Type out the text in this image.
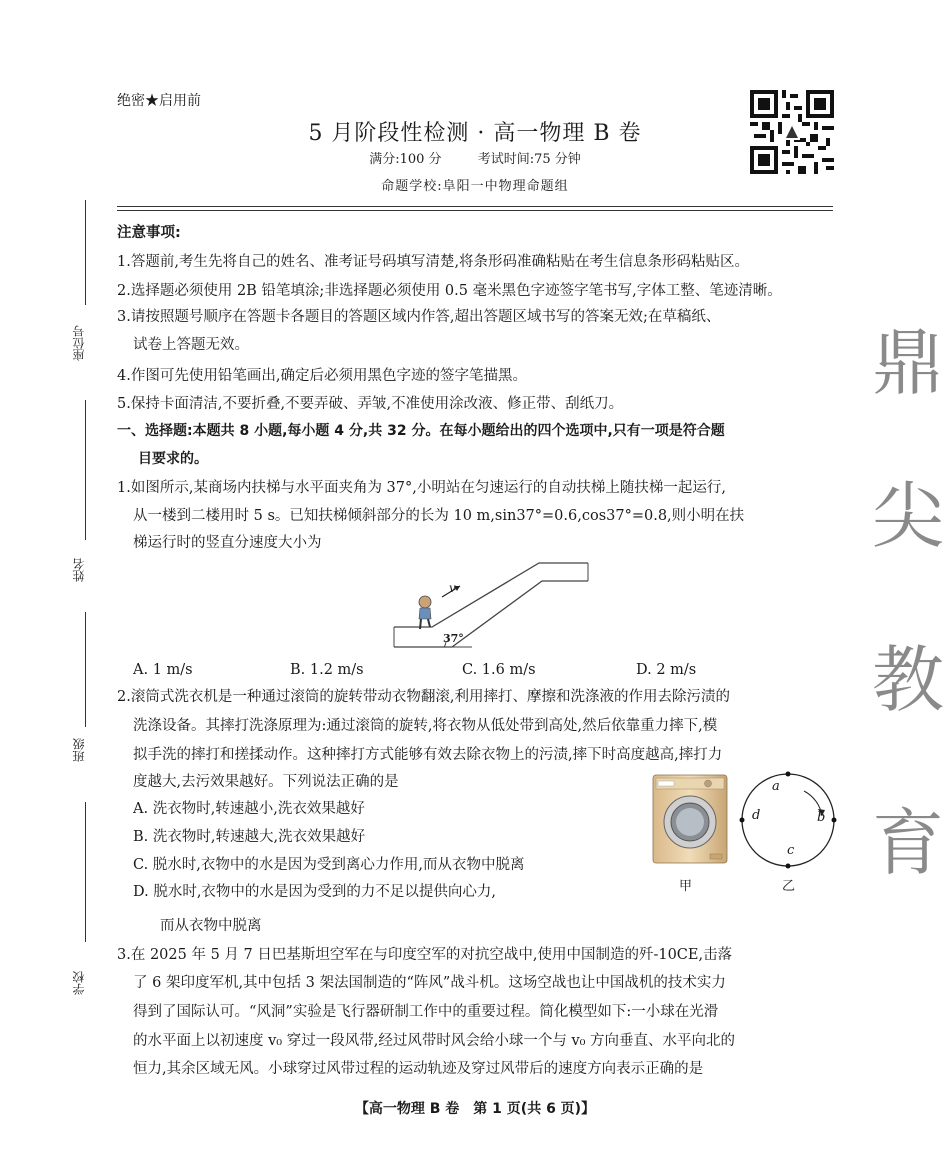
绝密★启用前
5 月阶段性检测 · 高一物理 B 卷
满分:100 分	考试时间:75 分钟
命题学校:阜阳一中物理命题组
座位号
姓名
班级
学校
鼎
尖
教
育
注意事项:
1.答题前,考生先将自己的姓名、准考证号码填写清楚,将条形码准确粘贴在考生信息条形码粘贴区。
2.选择题必须使用 2B 铅笔填涂;非选择题必须使用 0.5 毫米黑色字迹签字笔书写,字体工整、笔迹清晰。
3.请按照题号顺序在答题卡各题目的答题区域内作答,超出答题区域书写的答案无效;在草稿纸、
试卷上答题无效。
4.作图可先使用铅笔画出,确定后必须用黑色字迹的签字笔描黑。
5.保持卡面清洁,不要折叠,不要弄破、弄皱,不准使用涂改液、修正带、刮纸刀。
一、选择题:本题共 8 小题,每小题 4 分,共 32 分。在每小题给出的四个选项中,只有一项是符合题
目要求的。
1.如图所示,某商场内扶梯与水平面夹角为 37°,小明站在匀速运行的自动扶梯上随扶梯一起运行,
从一楼到二楼用时 5 s。已知扶梯倾斜部分的长为 10 m,sin37°=0.6,cos37°=0.8,则小明在扶
梯运行时的竖直分速度大小为
v
37°
A. 1 m/s	B. 1.2 m/s	C. 1.6 m/s	D. 2 m/s
2.滚筒式洗衣机是一种通过滚筒的旋转带动衣物翻滚,利用摔打、摩擦和洗涤液的作用去除污渍的
洗涤设备。其摔打洗涤原理为:通过滚筒的旋转,将衣物从低处带到高处,然后依靠重力摔下,模
拟手洗的摔打和搓揉动作。这种摔打方式能够有效去除衣物上的污渍,摔下时高度越高,摔打力
度越大,去污效果越好。下列说法正确的是
A. 洗衣物时,转速越小,洗衣效果越好
B. 洗衣物时,转速越大,洗衣效果越好
C. 脱水时,衣物中的水是因为受到离心力作用,而从衣物中脱离
D. 脱水时,衣物中的水是因为受到的力不足以提供向心力,
而从衣物中脱离
甲
a
b
c
d
乙
3.在 2025 年 5 月 7 日巴基斯坦空军在与印度空军的对抗空战中,使用中国制造的歼-10CE,击落
了 6 架印度军机,其中包括 3 架法国制造的“阵风”战斗机。这场空战也让中国战机的技术实力
得到了国际认可。“风洞”实验是飞行器研制工作中的重要过程。简化模型如下:一小球在光滑
的水平面上以初速度 v₀ 穿过一段风带,经过风带时风会给小球一个与 v₀ 方向垂直、水平向北的
恒力,其余区域无风。小球穿过风带过程的运动轨迹及穿过风带后的速度方向表示正确的是
【高一物理 B 卷　第 1 页(共 6 页)】
